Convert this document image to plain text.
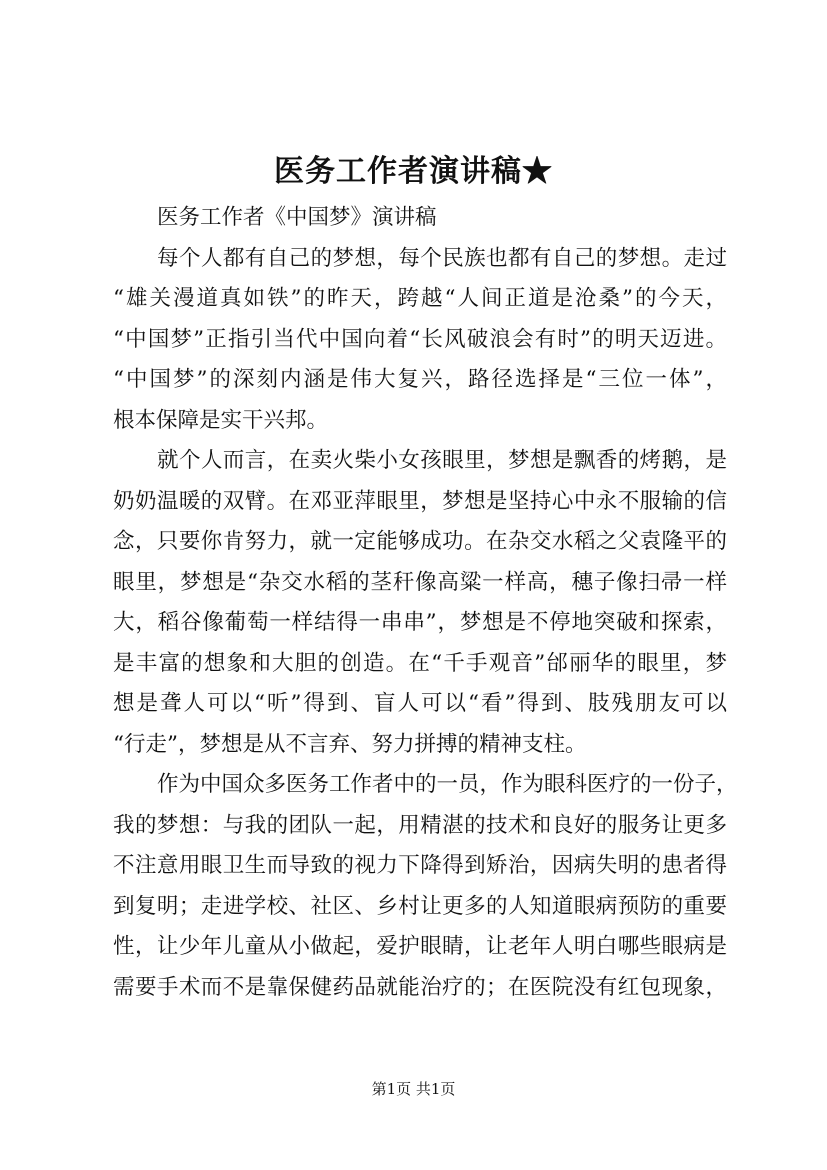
医务工作者演讲稿★
医务工作者《中国梦》演讲稿
每个人都有自己的梦想，每个民族也都有自己的梦想。走过
“雄关漫道真如铁”的昨天，跨越“人间正道是沧桑”的今天，
“中国梦”正指引当代中国向着“长风破浪会有时”的明天迈进。
“中国梦”的深刻内涵是伟大复兴，路径选择是“三位一体”，
根本保障是实干兴邦。
就个人而言，在卖火柴小女孩眼里，梦想是飘香的烤鹅，是
奶奶温暖的双臂。在邓亚萍眼里，梦想是坚持心中永不服输的信
念，只要你肯努力，就一定能够成功。在杂交水稻之父袁隆平的
眼里，梦想是“杂交水稻的茎秆像高粱一样高，穗子像扫帚一样
大，稻谷像葡萄一样结得一串串”，梦想是不停地突破和探索，
是丰富的想象和大胆的创造。在“千手观音”邰丽华的眼里，梦
想是聋人可以“听”得到、盲人可以“看”得到、肢残朋友可以
“行走”，梦想是从不言弃、努力拼搏的精神支柱。
作为中国众多医务工作者中的一员，作为眼科医疗的一份子，
我的梦想：与我的团队一起，用精湛的技术和良好的服务让更多
不注意用眼卫生而导致的视力下降得到矫治，因病失明的患者得
到复明；走进学校、社区、乡村让更多的人知道眼病预防的重要
性，让少年儿童从小做起，爱护眼睛，让老年人明白哪些眼病是
需要手术而不是靠保健药品就能治疗的；在医院没有红包现象，
第1页 共1页
